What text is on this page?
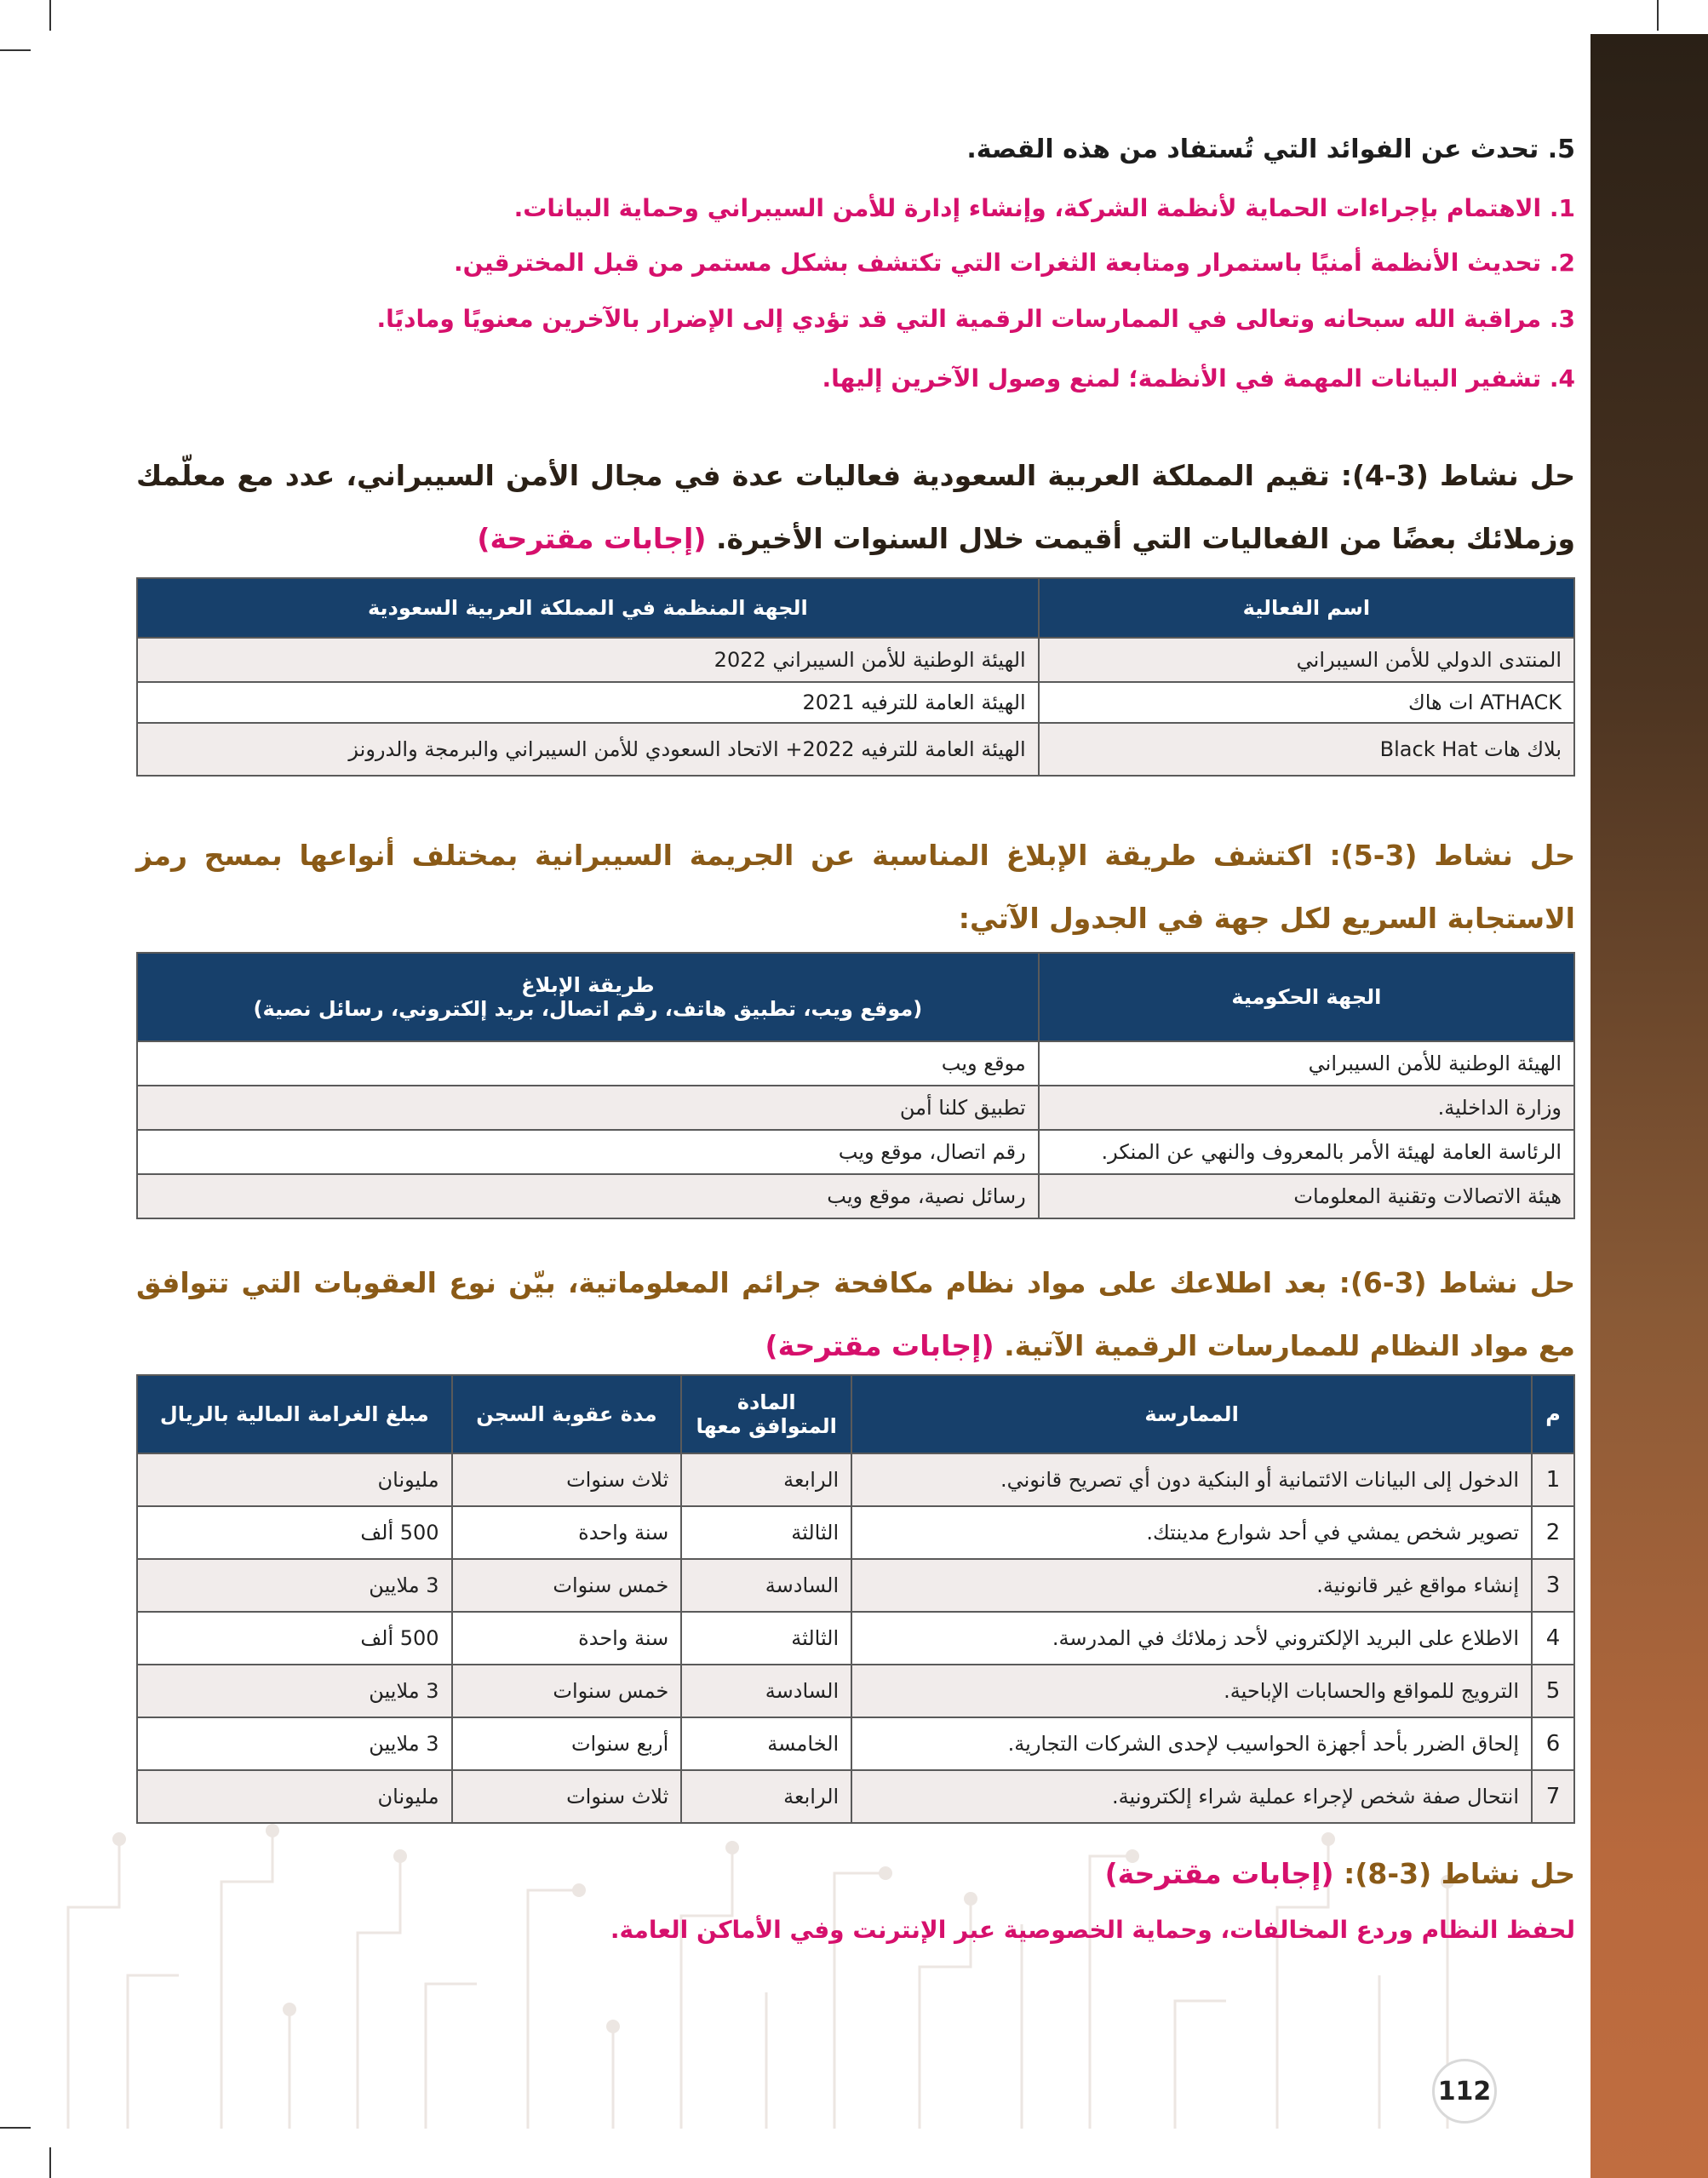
5. تحدث عن الفوائد التي تُستفاد من هذه القصة.
1. الاهتمام بإجراءات الحماية لأنظمة الشركة، وإنشاء إدارة للأمن السيبراني وحماية البيانات.
2. تحديث الأنظمة أمنيًا باستمرار ومتابعة الثغرات التي تكتشف بشكل مستمر من قبل المخترقين.
3. مراقبة الله سبحانه وتعالى في الممارسات الرقمية التي قد تؤدي إلى الإضرار بالآخرين معنويًا وماديًا.
4. تشفير البيانات المهمة في الأنظمة؛ لمنع وصول الآخرين إليها.
حل نشاط (3-4): تقيم المملكة العربية السعودية فعاليات عدة في مجال الأمن السيبراني، عدد مع معلّمك وزملائك بعضًا من الفعاليات التي أقيمت خلال السنوات الأخيرة. (إجابات مقترحة)
اسم الفعالية	الجهة المنظمة في المملكة العربية السعودية
المنتدى الدولي للأمن السيبراني	الهيئة الوطنية للأمن السيبراني 2022
ATHACK ات هاك	الهيئة العامة للترفيه 2021
بلاك هات Black Hat	الهيئة العامة للترفيه 2022+ الاتحاد السعودي للأمن السيبراني والبرمجة والدرونز
حل نشاط (3-5): اكتشف طريقة الإبلاغ المناسبة عن الجريمة السيبرانية بمختلف أنواعها بمسح رمز الاستجابة السريع لكل جهة في الجدول الآتي:
الجهة الحكومية	طريقة الإبلاغ
(موقع ويب، تطبيق هاتف، رقم اتصال، بريد إلكتروني، رسائل نصية)

الهيئة الوطنية للأمن السيبراني	موقع ويب
وزارة الداخلية.	تطبيق كلنا أمن
الرئاسة العامة لهيئة الأمر بالمعروف والنهي عن المنكر.	رقم اتصال، موقع ويب
هيئة الاتصالات وتقنية المعلومات	رسائل نصية، موقع ويب
حل نشاط (3-6): بعد اطلاعك على مواد نظام مكافحة جرائم المعلوماتية، بيّن نوع العقوبات التي تتوافق مع مواد النظام للممارسات الرقمية الآتية. (إجابات مقترحة)
م	الممارسة	المادة المتوافق معها	مدة عقوبة السجن	مبلغ الغرامة المالية بالريال
1	الدخول إلى البيانات الائتمانية أو البنكية دون أي تصريح قانوني.	الرابعة	ثلاث سنوات	مليونان
2	تصوير شخص يمشي في أحد شوارع مدينتك.	الثالثة	سنة واحدة	500 ألف
3	إنشاء مواقع غير قانونية.	السادسة	خمس سنوات	3 ملايين
4	الاطلاع على البريد الإلكتروني لأحد زملائك في المدرسة.	الثالثة	سنة واحدة	500 ألف
5	الترويج للمواقع والحسابات الإباحية.	السادسة	خمس سنوات	3 ملايين
6	إلحاق الضرر بأحد أجهزة الحواسيب لإحدى الشركات التجارية.	الخامسة	أربع سنوات	3 ملايين
7	انتحال صفة شخص لإجراء عملية شراء إلكترونية.	الرابعة	ثلاث سنوات	مليونان
حل نشاط (3-8): (إجابات مقترحة)
لحفظ النظام وردع المخالفات، وحماية الخصوصية عبر الإنترنت وفي الأماكن العامة.
112
